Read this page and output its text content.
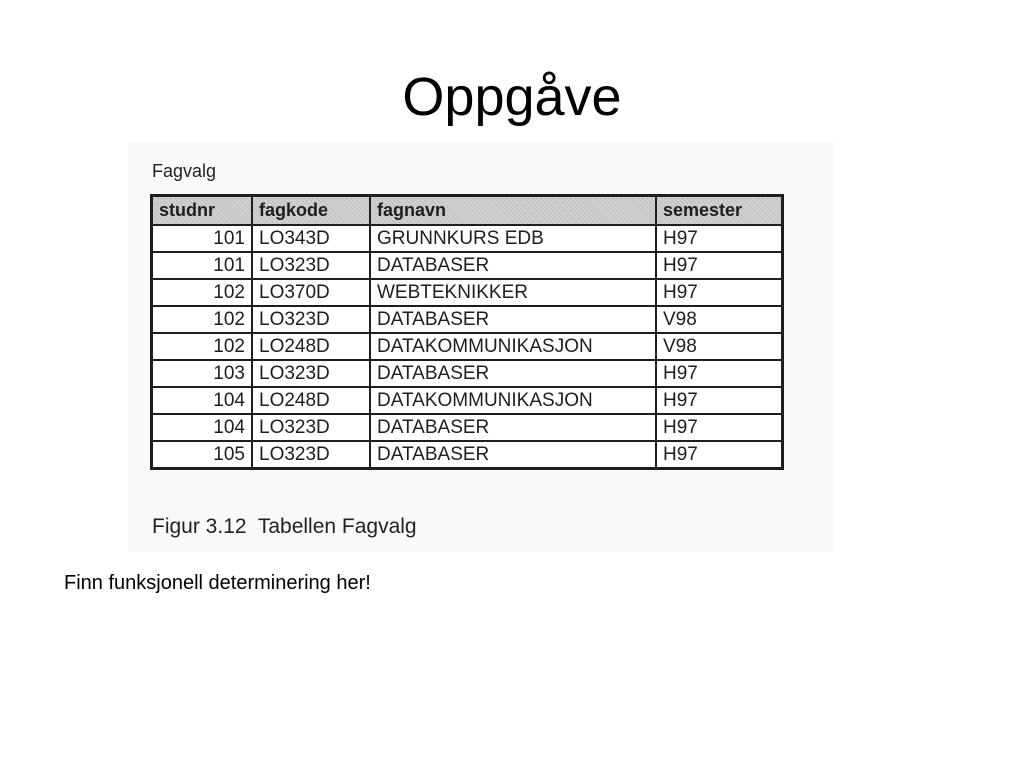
Oppgåve
Fagvalg
studnr	fagkode	fagnavn	semester
101	LO343D	GRUNNKURS EDB	H97
101	LO323D	DATABASER	H97
102	LO370D	WEBTEKNIKKER	H97
102	LO323D	DATABASER	V98
102	LO248D	DATAKOMMUNIKASJON	V98
103	LO323D	DATABASER	H97
104	LO248D	DATAKOMMUNIKASJON	H97
104	LO323D	DATABASER	H97
105	LO323D	DATABASER	H97
Figur 3.12  Tabellen Fagvalg

Finn funksjonell determinering her!
